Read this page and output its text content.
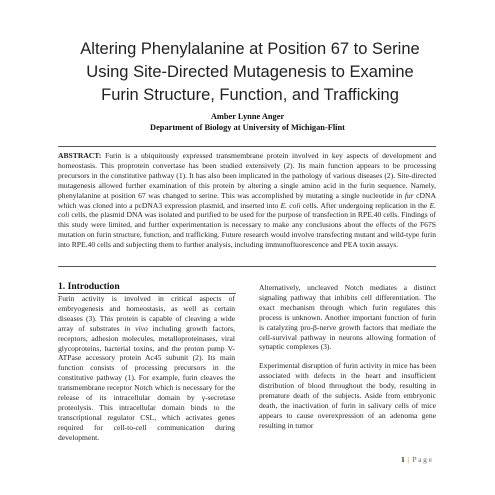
Altering Phenylalanine at Position 67 to Serine
Using Site-Directed Mutagenesis to Examine
Furin Structure, Function, and Trafficking
Amber Lynne Anger
Department of Biology at University of Michigan-Flint

ABSTRACT: Furin is a ubiquitously expressed transmembrane protein involved in key aspects of development and homeostasis. This proprotein convertase has been studied extensively (2). Its main function appears to be processing precursors in the constitutive pathway (1). It has also been implicated in the pathology of various diseases (2). Site-directed mutagenesis allowed further examination of this protein by altering a single amino acid in the furin sequence. Namely, phenylalanine at position 67 was changed to serine. This was accomplished by mutating a single nucleotide in fur cDNA which was cloned into a pcDNA3 expression plasmid, and inserted into E. coli cells. After undergoing replication in the E. coli cells, the plasmid DNA was isolated and purified to be used for the purpose of transfection in RPE.40 cells. Findings of this study were limited, and further experimentation is necessary to make any conclusions about the effects of the F67S mutation on furin structure, function, and trafficking. Future research would involve transfecting mutant and wild-type furin into RPE.40 cells and subjecting them to further analysis, including immunofluorescence and PEA toxin assays.

1. Introduction

Furin activity is involved in critical aspects of embryogenesis and homeostasis, as well as certain diseases (3). This protein is capable of cleaving a wide array of substrates in vivo including growth factors, receptors, adhesion molecules, metalloproteinases, viral glycoproteins, bacterial toxins, and the proton pump V-ATPase accessory protein Ac45 subunit (2). Its main function consists of processing precursors in the constitutive pathway (1). For example, furin cleaves the transmembrane receptor Notch which is necessary for the release of its intracellular domain by γ-secretase proteolysis. This intracellular domain binds to the transcriptional regulator CSL, which activates genes required for cell-to-cell communication during development.

Alternatively, uncleaved Notch mediates a distinct signaling pathway that inhibits cell differentiation. The exact mechanism through which furin regulates this process is unknown. Another important function of furin is catalyzing pro-β-nerve growth factors that mediate the cell-survival pathway in neurons allowing formation of synaptic complexes (3).

Experimental disruption of furin activity in mice has been associated with defects in the heart and insufficient distribution of blood throughout the body, resulting in premature death of the subjects. Aside from embryonic death, the inactivation of furin in salivary cells of mice appears to cause overexpression of an adenoma gene resulting in tumor

1 | Page
